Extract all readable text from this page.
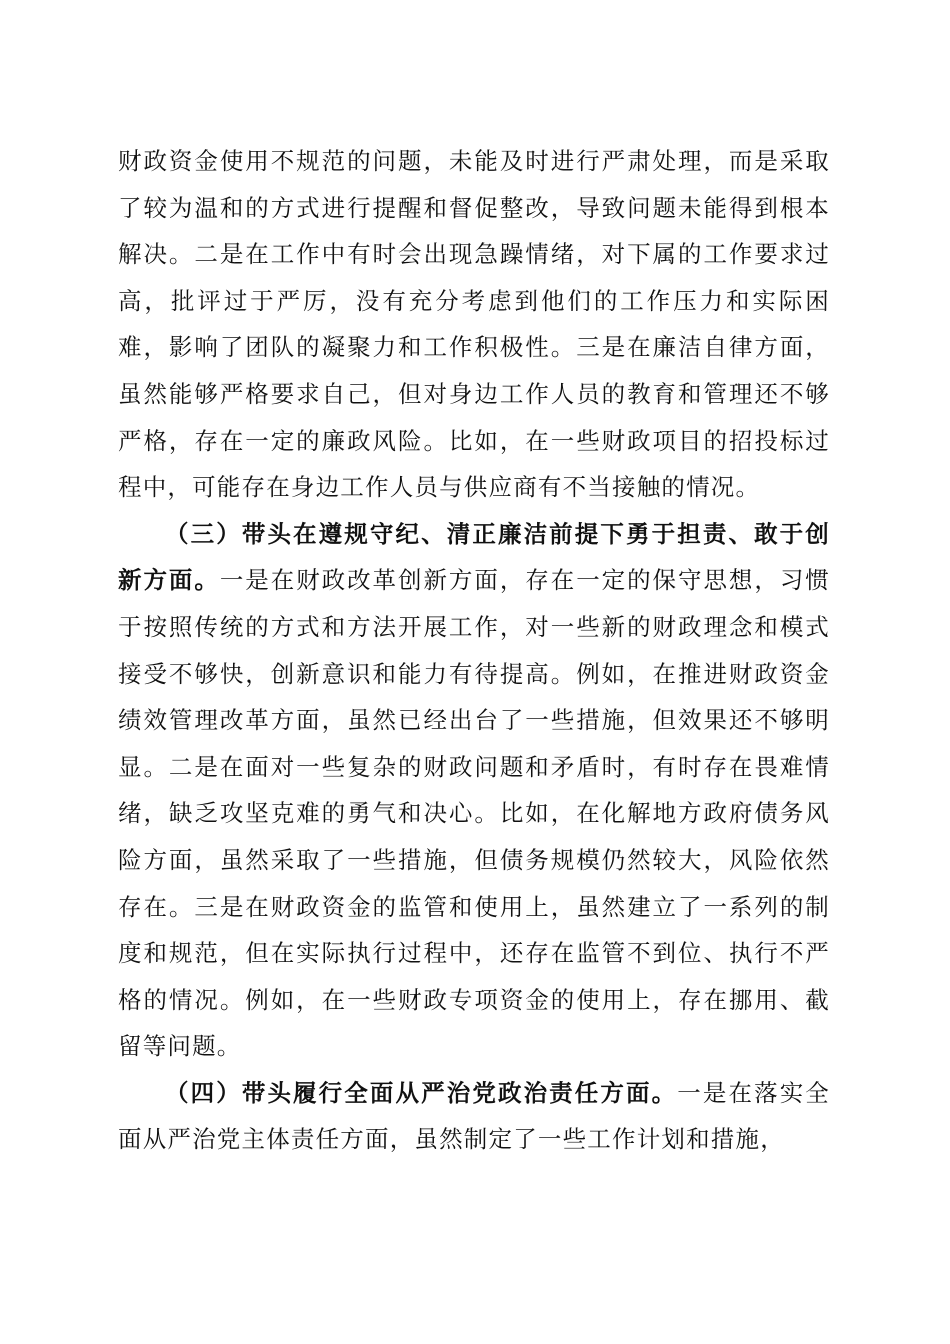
财政资金使用不规范的问题，未能及时进行严肃处理，而是采取了较为温和的方式进行提醒和督促整改，导致问题未能得到根本解决。二是在工作中有时会出现急躁情绪，对下属的工作要求过高，批评过于严厉，没有充分考虑到他们的工作压力和实际困难，影响了团队的凝聚力和工作积极性。三是在廉洁自律方面，虽然能够严格要求自己，但对身边工作人员的教育和管理还不够严格，存在一定的廉政风险。比如，在一些财政项目的招投标过程中，可能存在身边工作人员与供应商有不当接触的情况。

（三）带头在遵规守纪、清正廉洁前提下勇于担责、敢于创新方面。一是在财政改革创新方面，存在一定的保守思想，习惯于按照传统的方式和方法开展工作，对一些新的财政理念和模式接受不够快，创新意识和能力有待提高。例如，在推进财政资金绩效管理改革方面，虽然已经出台了一些措施，但效果还不够明显。二是在面对一些复杂的财政问题和矛盾时，有时存在畏难情绪，缺乏攻坚克难的勇气和决心。比如，在化解地方政府债务风险方面，虽然采取了一些措施，但债务规模仍然较大，风险依然存在。三是在财政资金的监管和使用上，虽然建立了一系列的制度和规范，但在实际执行过程中，还存在监管不到位、执行不严格的情况。例如，在一些财政专项资金的使用上，存在挪用、截留等问题。

（四）带头履行全面从严治党政治责任方面。一是在落实全面从严治党主体责任方面，虽然制定了一些工作计划和措施，
